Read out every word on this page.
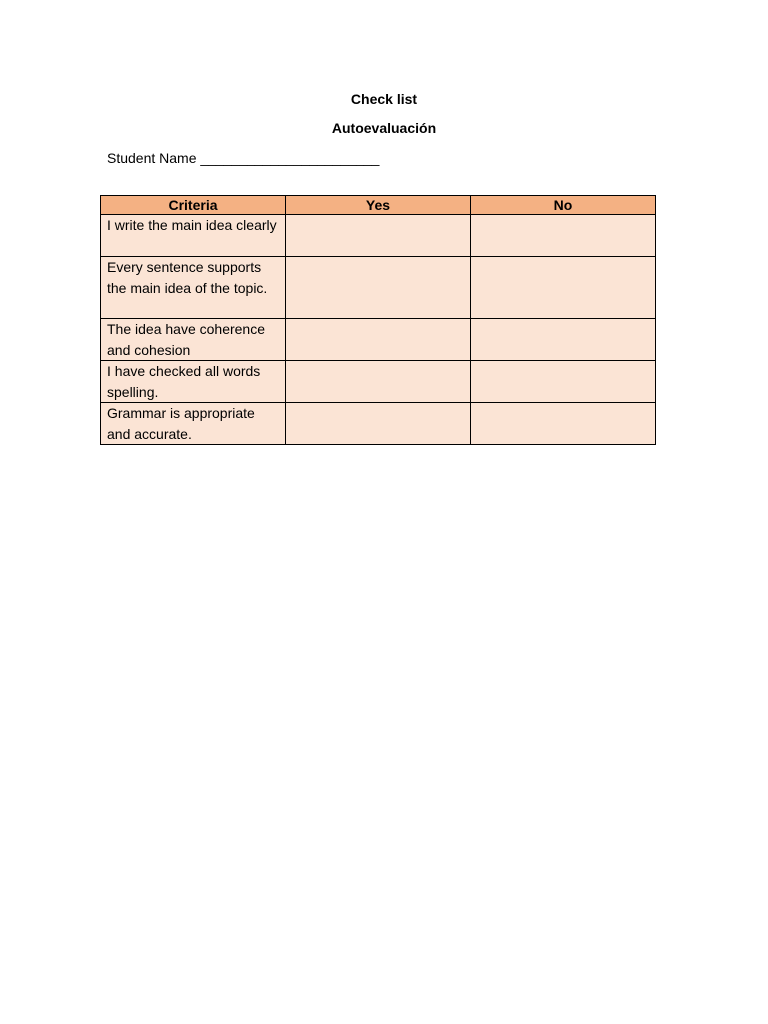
Check list
Autoevaluación
Student Name _______________________
Criteria	Yes	No
I write the main idea clearly		
Every sentence supports the main idea of the topic.		
The idea have coherence and cohesion		
I have checked all words spelling.		
Grammar is appropriate and accurate.		
